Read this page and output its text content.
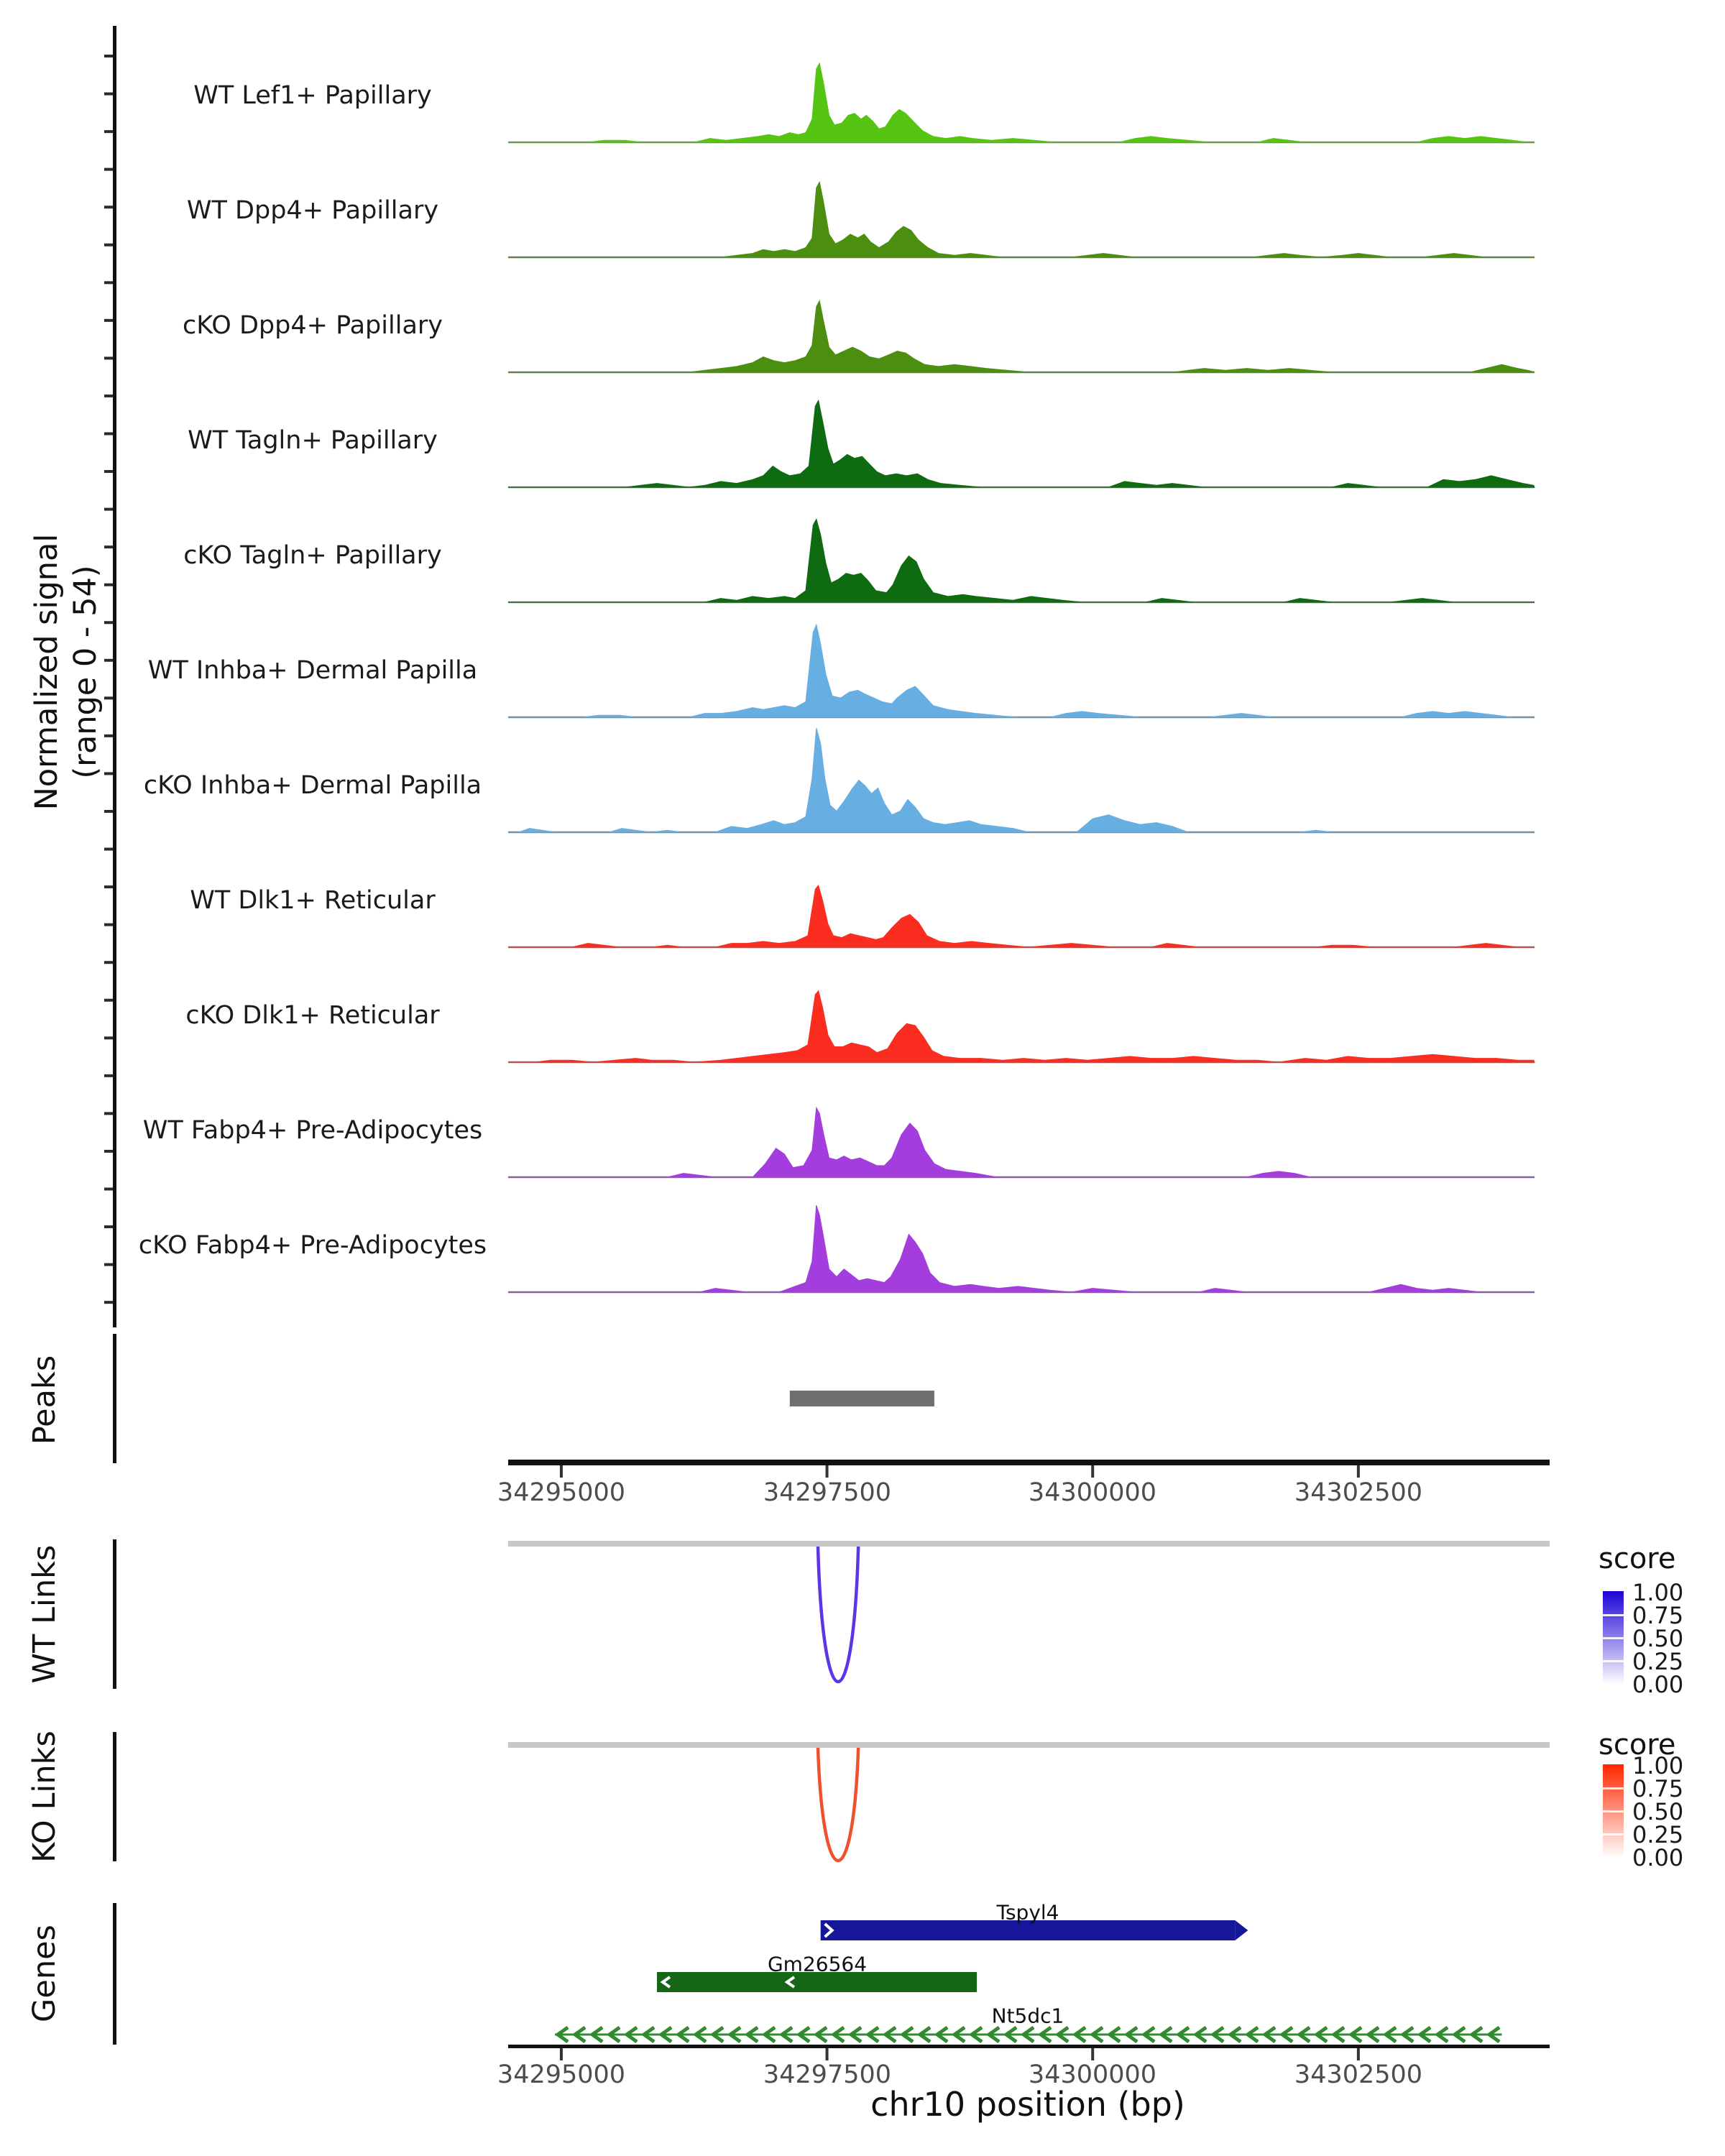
Normalized signal (range 0 - 54)
WT Lef1+ Papillary
WT Dpp4+ Papillary
cKO Dpp4+ Papillary
WT Tagln+ Papillary
cKO Tagln+ Papillary
WT Inhba+ Dermal Papilla
cKO Inhba+ Dermal Papilla
WT Dlk1+ Reticular
cKO Dlk1+ Reticular
WT Fabp4+ Pre-Adipocytes
cKO Fabp4+ Pre-Adipocytes
Peaks
WT Links
KO Links
Genes
34295000	34297500	34300000	34302500
score
1.00
0.75
0.50
0.25
0.00
score
1.00
0.75
0.50
0.25
0.00
Tspyl4
Gm26564
Nt5dc1
34295000	34297500	34300000	34302500
chr10 position (bp)
